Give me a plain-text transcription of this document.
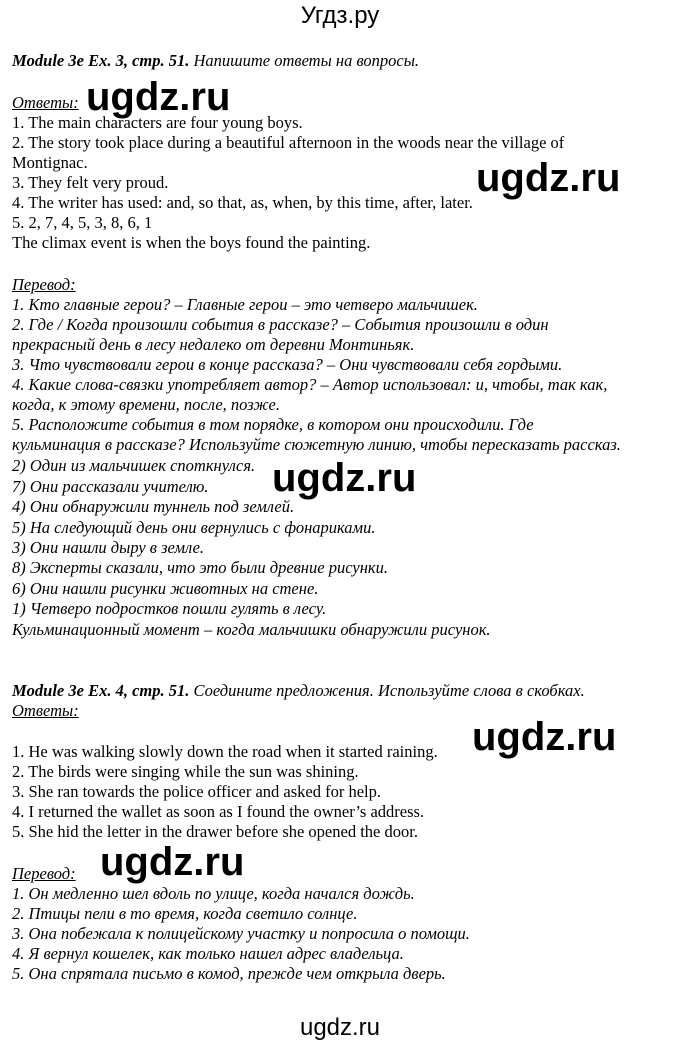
Угдз.ру
Module 3e Ex. 3, стр. 51. Напишите ответы на вопросы.
Ответы:
1. The main characters are four young boys.
2. The story took place during a beautiful afternoon in the woods near the village of
Montignac.
3. They felt very proud.
4. The writer has used: and, so that, as, when, by this time, after, later.
5. 2, 7, 4, 5, 3, 8, 6, 1
The climax event is when the boys found the painting.
Перевод:
1. Кто главные герои? – Главные герои – это четверо мальчишек.
2. Где / Когда произошли события в рассказе? – События произошли в один
прекрасный день в лесу недалеко от деревни Монтиньяк.
3. Что чувствовали герои в конце рассказа? – Они чувствовали себя гордыми.
4. Какие слова-связки употребляет автор? – Автор использовал: и, чтобы, так как,
когда, к этому времени, после, позже.
5. Расположите события в том порядке, в котором они происходили. Где
кульминация в рассказе? Используйте сюжетную линию, чтобы пересказать рассказ.
2) Один из мальчишек споткнулся.
7) Они рассказали учителю.
4) Они обнаружили туннель под землей.
5) На следующий день они вернулись с фонариками.
3) Они нашли дыру в земле.
8) Эксперты сказали, что это были древние рисунки.
6) Они нашли рисунки животных на стене.
1) Четверо подростков пошли гулять в лесу.
Кульминационный момент – когда мальчишки обнаружили рисунок.
Module 3e Ex. 4, стр. 51. Соедините предложения. Используйте слова в скобках.
Ответы:
1. He was walking slowly down the road when it started raining.
2. The birds were singing while the sun was shining.
3. She ran towards the police officer and asked for help.
4. I returned the wallet as soon as I found the owner’s address.
5. She hid the letter in the drawer before she opened the door.
Перевод:
1. Он медленно шел вдоль по улице, когда начался дождь.
2. Птицы пели в то время, когда светило солнце.
3. Она побежала к полицейскому участку и попросила о помощи.
4. Я вернул кошелек, как только нашел адрес владельца.
5. Она спрятала письмо в комод, прежде чем открыла дверь.
ugdz.ru
ugdz.ru
ugdz.ru
ugdz.ru
ugdz.ru
ugdz.ru
